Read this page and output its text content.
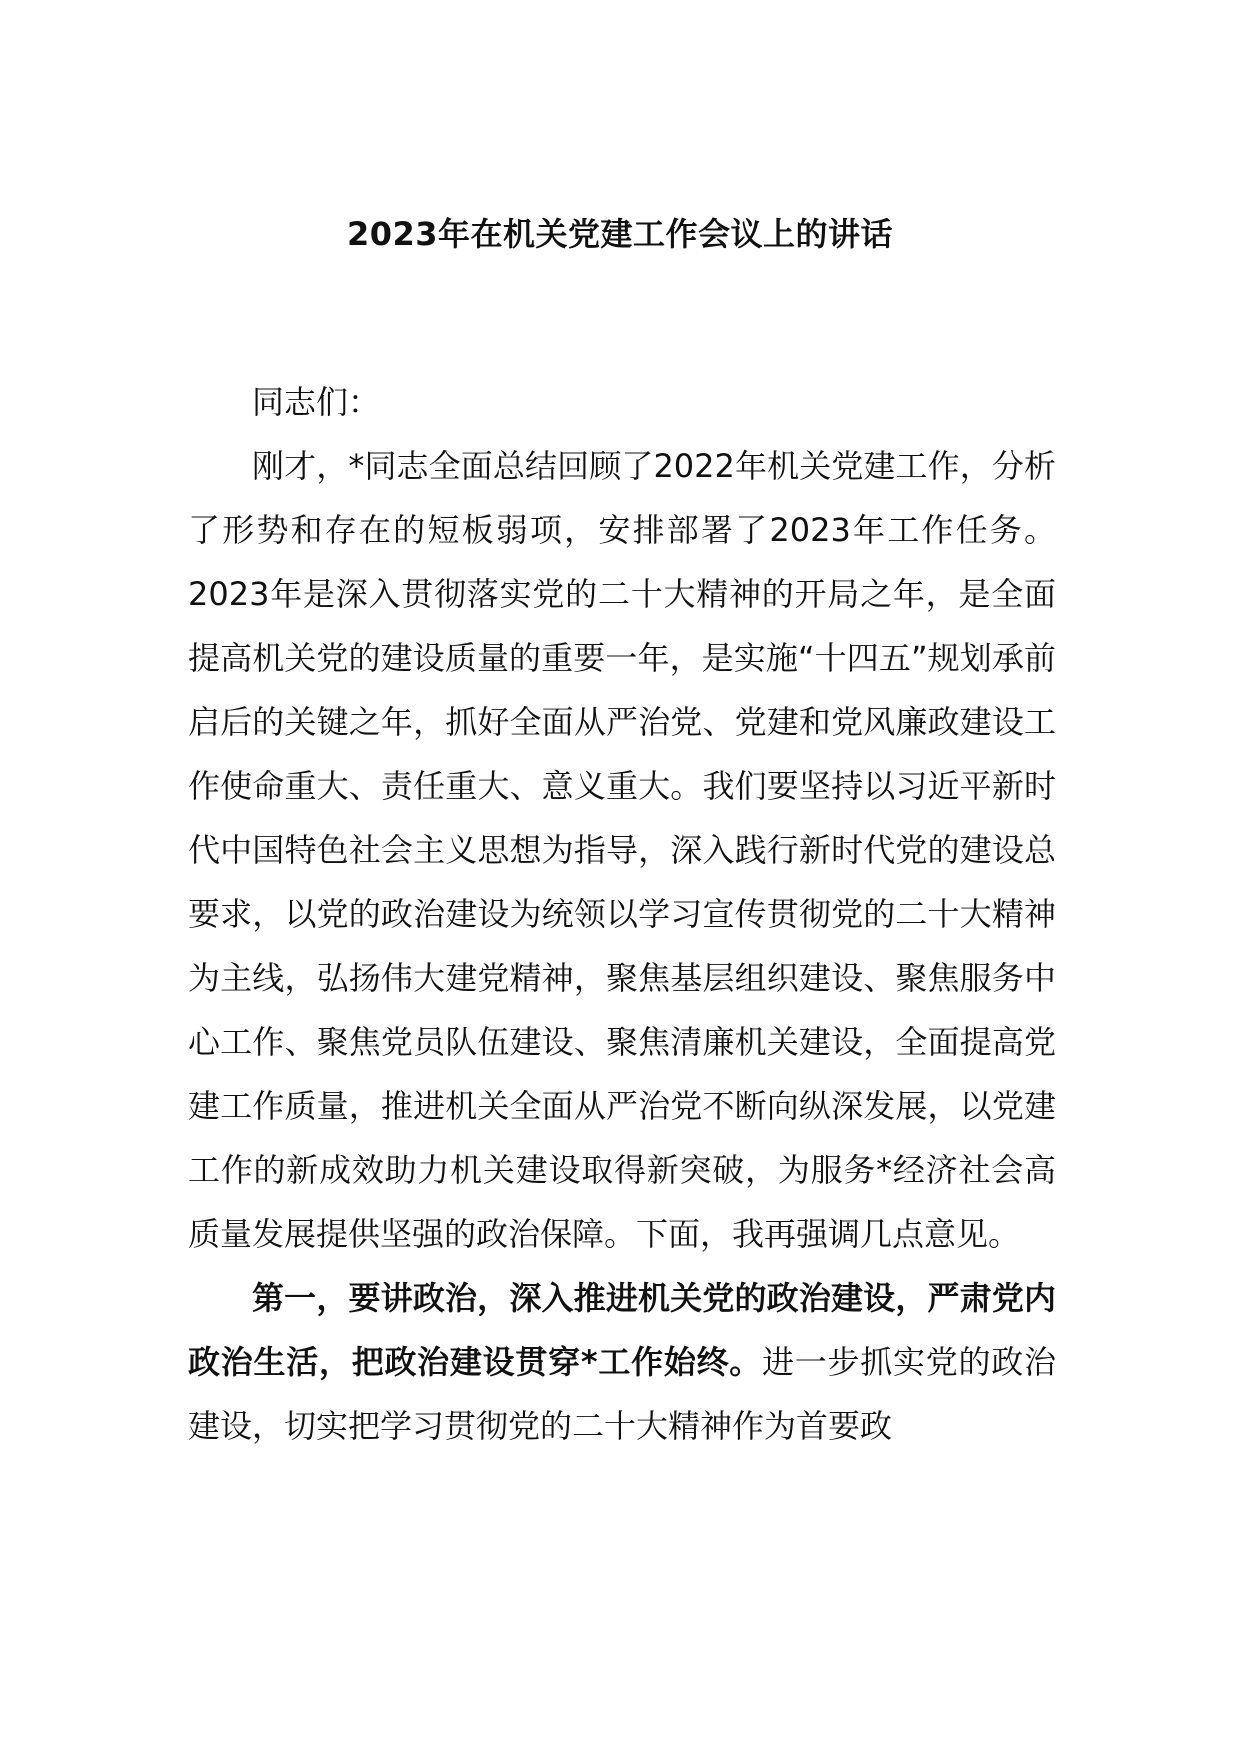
2023年在机关党建工作会议上的讲话

同志们：

刚才，*同志全面总结回顾了2022年机关党建工作，分析了形势和存在的短板弱项，安排部署了2023年工作任务。2023年是深入贯彻落实党的二十大精神的开局之年，是全面提高机关党的建设质量的重要一年，是实施“十四五”规划承前启后的关键之年，抓好全面从严治党、党建和党风廉政建设工作使命重大、责任重大、意义重大。我们要坚持以习近平新时代中国特色社会主义思想为指导，深入践行新时代党的建设总要求，以党的政治建设为统领以学习宣传贯彻党的二十大精神为主线，弘扬伟大建党精神，聚焦基层组织建设、聚焦服务中心工作、聚焦党员队伍建设、聚焦清廉机关建设，全面提高党建工作质量，推进机关全面从严治党不断向纵深发展，以党建工作的新成效助力机关建设取得新突破，为服务*经济社会高质量发展提供坚强的政治保障。下面，我再强调几点意见。

第一，要讲政治，深入推进机关党的政治建设，严肃党内政治生活，把政治建设贯穿*工作始终。进一步抓实党的政治建设，切实把学习贯彻党的二十大精神作为首要政
